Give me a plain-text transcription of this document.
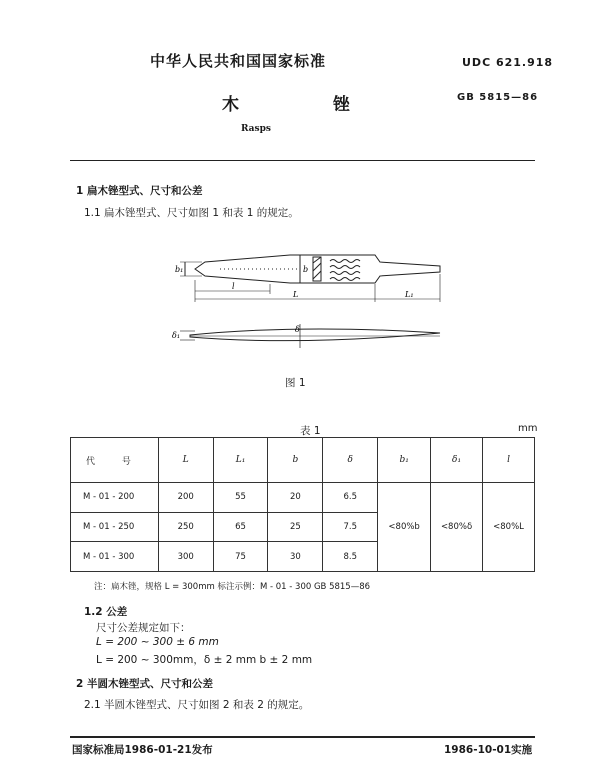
中华人民共和国国家标准	UDC 621.918
木 锉	GB 5815—86
Rasps
1 扁木锉型式、尺寸和公差
1.1 扁木锉型式、尺寸如图 1 和表 1 的规定。
b₁	b
l
L	L₁
δ₁
δ
图 1
表 1	mm
代 号	L	L₁	b	δ	b₁	δ₁	l
M - 01 - 200	200	55	20	6.5	<80%b	<80%δ	<80%L
M - 01 - 250	250	65	25	7.5			
M - 01 - 300	300	75	30	8.5			
注：扁木锉，规格 L = 300mm 标注示例：M - 01 - 300 GB 5815—86
1.2 公差
尺寸公差规定如下：
L = 200 ~ 300 ± 6 mm
L = 200 ~ 300mm，δ ± 2 mm b ± 2 mm
2 半圆木锉型式、尺寸和公差
2.1 半圆木锉型式、尺寸如图 2 和表 2 的规定。
国家标准局1986-01-21发布	1986-10-01实施
